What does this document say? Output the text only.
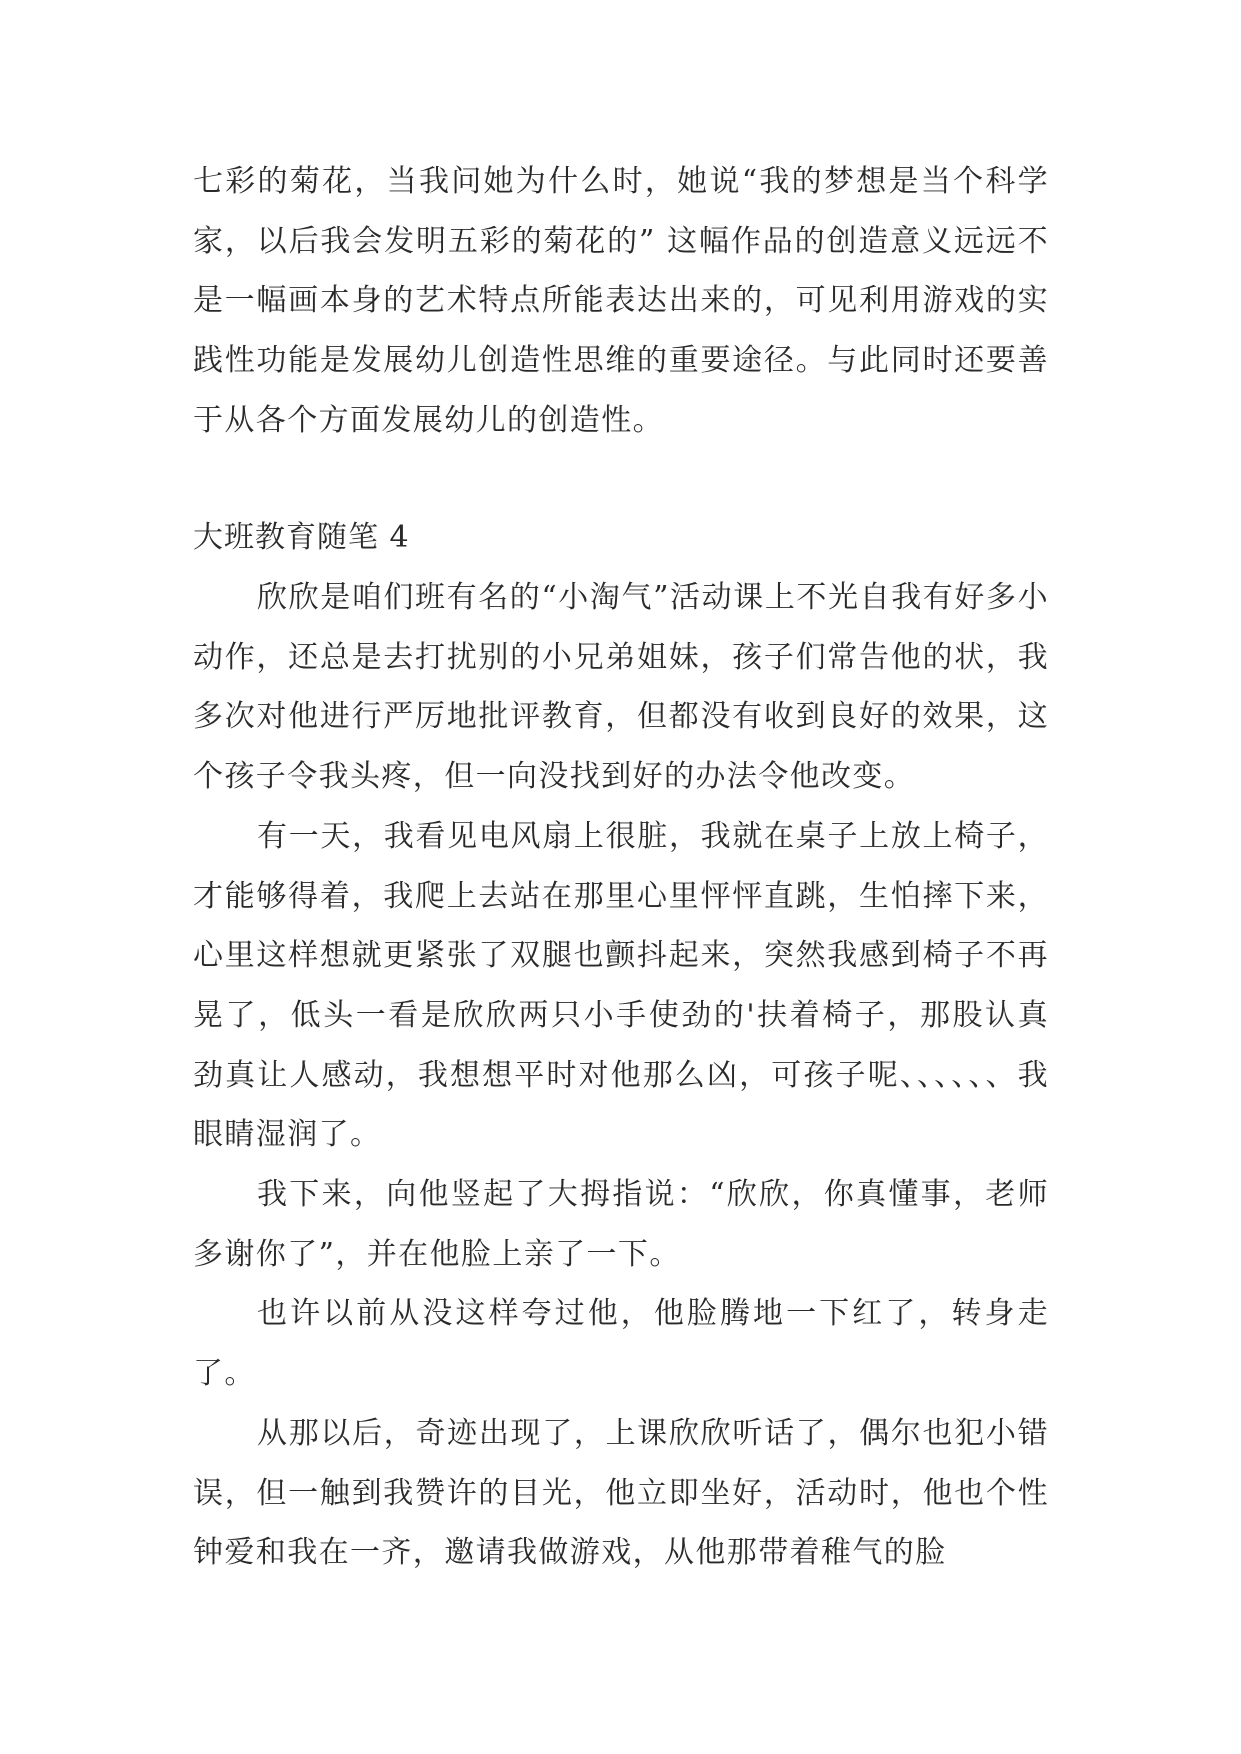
七彩的菊花，当我问她为什么时，她说“我的梦想是当个科学家，以后我会发明五彩的菊花的” 这幅作品的创造意义远远不是一幅画本身的艺术特点所能表达出来的，可见利用游戏的实践性功能是发展幼儿创造性思维的重要途径。与此同时还要善于从各个方面发展幼儿的创造性。

大班教育随笔 4

欣欣是咱们班有名的“小淘气”活动课上不光自我有好多小动作，还总是去打扰别的小兄弟姐妹，孩子们常告他的状，我多次对他进行严厉地批评教育，但都没有收到良好的效果，这个孩子令我头疼，但一向没找到好的办法令他改变。

有一天，我看见电风扇上很脏，我就在桌子上放上椅子，才能够得着，我爬上去站在那里心里怦怦直跳，生怕摔下来，心里这样想就更紧张了双腿也颤抖起来，突然我感到椅子不再晃了，低头一看是欣欣两只小手使劲的'扶着椅子，那股认真劲真让人感动，我想想平时对他那么凶，可孩子呢、、、、、、我眼睛湿润了。

我下来，向他竖起了大拇指说：“欣欣，你真懂事，老师多谢你了”，并在他脸上亲了一下。

也许以前从没这样夸过他，他脸腾地一下红了，转身走了。

从那以后，奇迹出现了，上课欣欣听话了，偶尔也犯小错误，但一触到我赞许的目光，他立即坐好，活动时，他也个性钟爱和我在一齐，邀请我做游戏，从他那带着稚气的脸
